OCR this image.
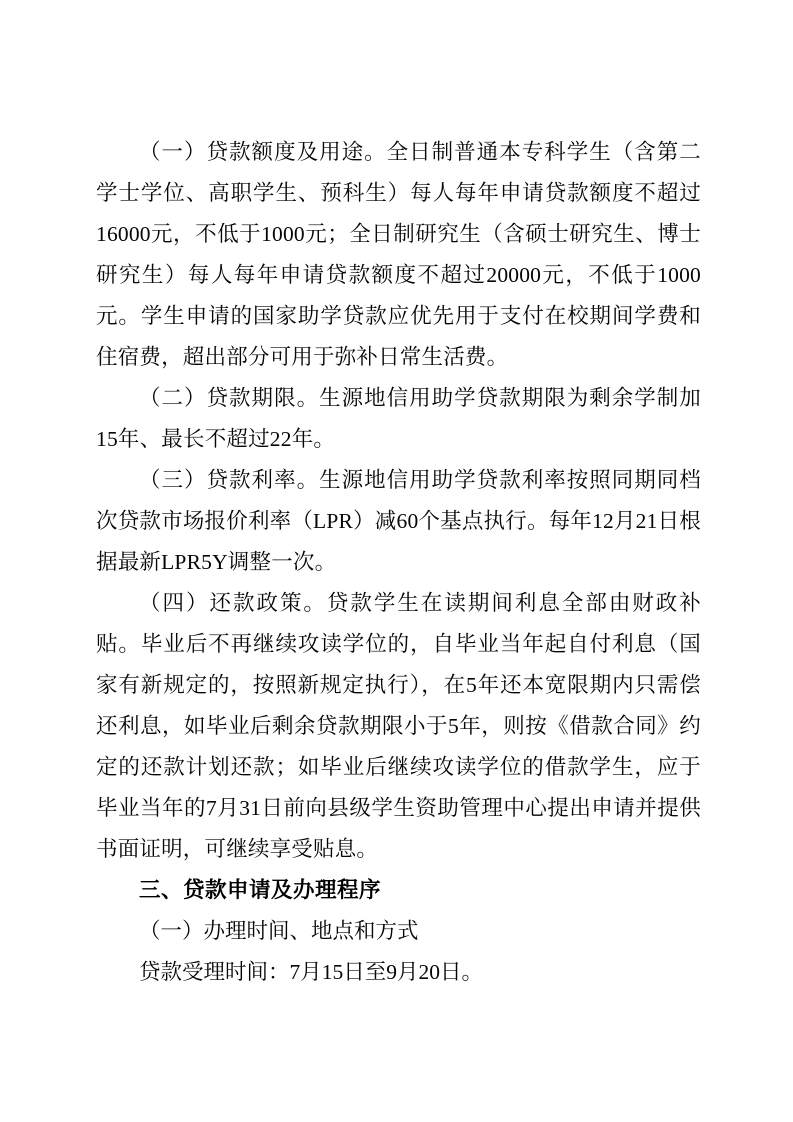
（一）贷款额度及用途。全日制普通本专科学生（含第二学士学位、高职学生、预科生）每人每年申请贷款额度不超过16000元，不低于1000元；全日制研究生（含硕士研究生、博士研究生）每人每年申请贷款额度不超过20000元，不低于1000元。学生申请的国家助学贷款应优先用于支付在校期间学费和住宿费，超出部分可用于弥补日常生活费。

（二）贷款期限。生源地信用助学贷款期限为剩余学制加15年、最长不超过22年。

（三）贷款利率。生源地信用助学贷款利率按照同期同档次贷款市场报价利率（LPR）减60个基点执行。每年12月21日根据最新LPR5Y调整一次。

（四）还款政策。贷款学生在读期间利息全部由财政补贴。毕业后不再继续攻读学位的，自毕业当年起自付利息（国家有新规定的，按照新规定执行），在5年还本宽限期内只需偿还利息，如毕业后剩余贷款期限小于5年，则按《借款合同》约定的还款计划还款；如毕业后继续攻读学位的借款学生，应于毕业当年的7月31日前向县级学生资助管理中心提出申请并提供书面证明，可继续享受贴息。

三、贷款申请及办理程序

（一）办理时间、地点和方式

贷款受理时间：7月15日至9月20日。
